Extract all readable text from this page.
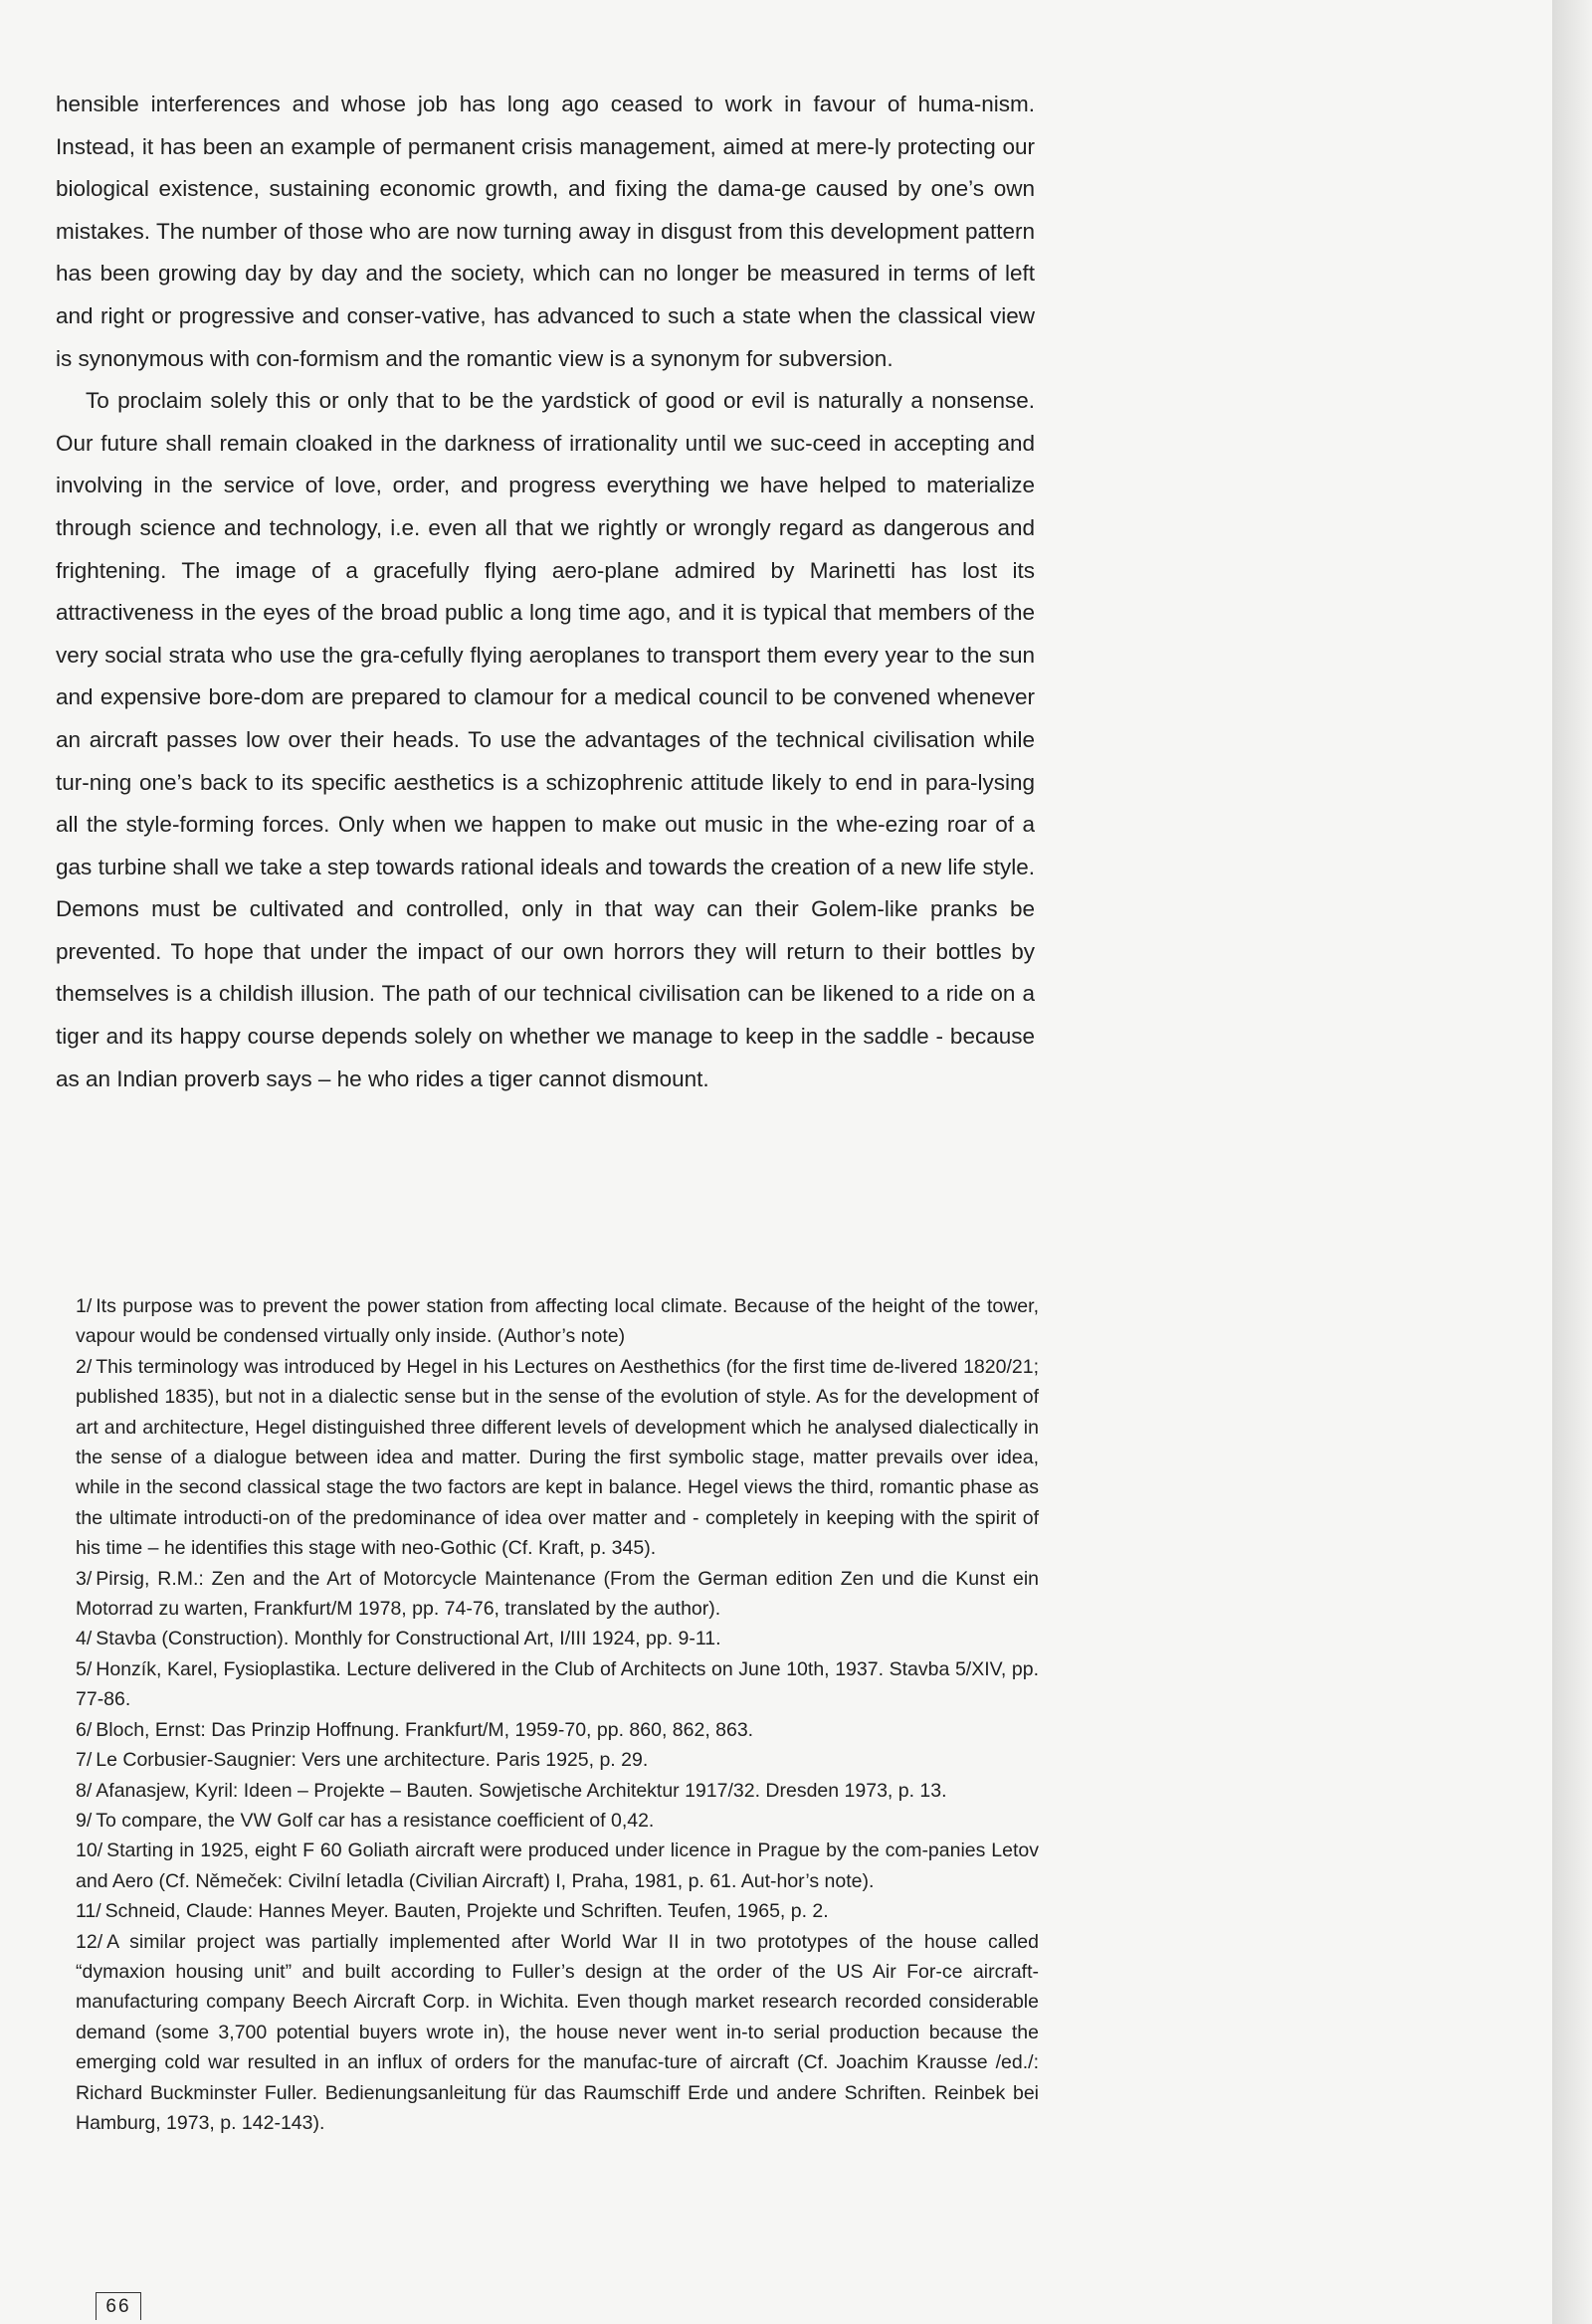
hensible interferences and whose job has long ago ceased to work in favour of huma-nism. Instead, it has been an example of permanent crisis management, aimed at mere-ly protecting our biological existence, sustaining economic growth, and fixing the dama-ge caused by one’s own mistakes. The number of those who are now turning away in disgust from this development pattern has been growing day by day and the society, which can no longer be measured in terms of left and right or progressive and conser-vative, has advanced to such a state when the classical view is synonymous with con-formism and the romantic view is a synonym for subversion.

To proclaim solely this or only that to be the yardstick of good or evil is naturally a nonsense. Our future shall remain cloaked in the darkness of irrationality until we suc-ceed in accepting and involving in the service of love, order, and progress everything we have helped to materialize through science and technology, i.e. even all that we rightly or wrongly regard as dangerous and frightening. The image of a gracefully flying aero-plane admired by Marinetti has lost its attractiveness in the eyes of the broad public a long time ago, and it is typical that members of the very social strata who use the gra-cefully flying aeroplanes to transport them every year to the sun and expensive bore-dom are prepared to clamour for a medical council to be convened whenever an aircraft passes low over their heads. To use the advantages of the technical civilisation while tur-ning one’s back to its specific aesthetics is a schizophrenic attitude likely to end in para-lysing all the style-forming forces. Only when we happen to make out music in the whe-ezing roar of a gas turbine shall we take a step towards rational ideals and towards the creation of a new life style. Demons must be cultivated and controlled, only in that way can their Golem-like pranks be prevented. To hope that under the impact of our own horrors they will return to their bottles by themselves is a childish illusion. The path of our technical civilisation can be likened to a ride on a tiger and its happy course depends solely on whether we manage to keep in the saddle - because as an Indian proverb says – he who rides a tiger cannot dismount.

1/ Its purpose was to prevent the power station from affecting local climate. Because of the height of the tower, vapour would be condensed virtually only inside. (Author’s note)

2/ This terminology was introduced by Hegel in his Lectures on Aesthethics (for the first time de-livered 1820/21; published 1835), but not in a dialectic sense but in the sense of the evolution of style. As for the development of art and architecture, Hegel distinguished three different levels of development which he analysed dialectically in the sense of a dialogue between idea and matter. During the first symbolic stage, matter prevails over idea, while in the second classical stage the two factors are kept in balance. Hegel views the third, romantic phase as the ultimate introducti-on of the predominance of idea over matter and - completely in keeping with the spirit of his time – he identifies this stage with neo-Gothic (Cf. Kraft, p. 345).

3/ Pirsig, R.M.: Zen and the Art of Motorcycle Maintenance (From the German edition Zen und die Kunst ein Motorrad zu warten, Frankfurt/M 1978, pp. 74-76, translated by the author).

4/ Stavba (Construction). Monthly for Constructional Art, I/III 1924, pp. 9-11.

5/ Honzík, Karel, Fysioplastika. Lecture delivered in the Club of Architects on June 10th, 1937. Stavba 5/XIV, pp. 77-86.

6/ Bloch, Ernst: Das Prinzip Hoffnung. Frankfurt/M, 1959-70, pp. 860, 862, 863.

7/ Le Corbusier-Saugnier: Vers une architecture. Paris 1925, p. 29.

8/ Afanasjew, Kyril: Ideen – Projekte – Bauten. Sowjetische Architektur 1917/32. Dresden 1973, p. 13.

9/ To compare, the VW Golf car has a resistance coefficient of 0,42.

10/ Starting in 1925, eight F 60 Goliath aircraft were produced under licence in Prague by the com-panies Letov and Aero (Cf. Němeček: Civilní letadla (Civilian Aircraft) I, Praha, 1981, p. 61. Aut-hor’s note).

11/ Schneid, Claude: Hannes Meyer. Bauten, Projekte und Schriften. Teufen, 1965, p. 2.

12/ A similar project was partially implemented after World War II in two prototypes of the house called “dymaxion housing unit” and built according to Fuller’s design at the order of the US Air For-ce aircraft-manufacturing company Beech Aircraft Corp. in Wichita. Even though market research recorded considerable demand (some 3,700 potential buyers wrote in), the house never went in-to serial production because the emerging cold war resulted in an influx of orders for the manufac-ture of aircraft (Cf. Joachim Krausse /ed./: Richard Buckminster Fuller. Bedienungsanleitung für das Raumschiff Erde und andere Schriften. Reinbek bei Hamburg, 1973, p. 142-143).

66
